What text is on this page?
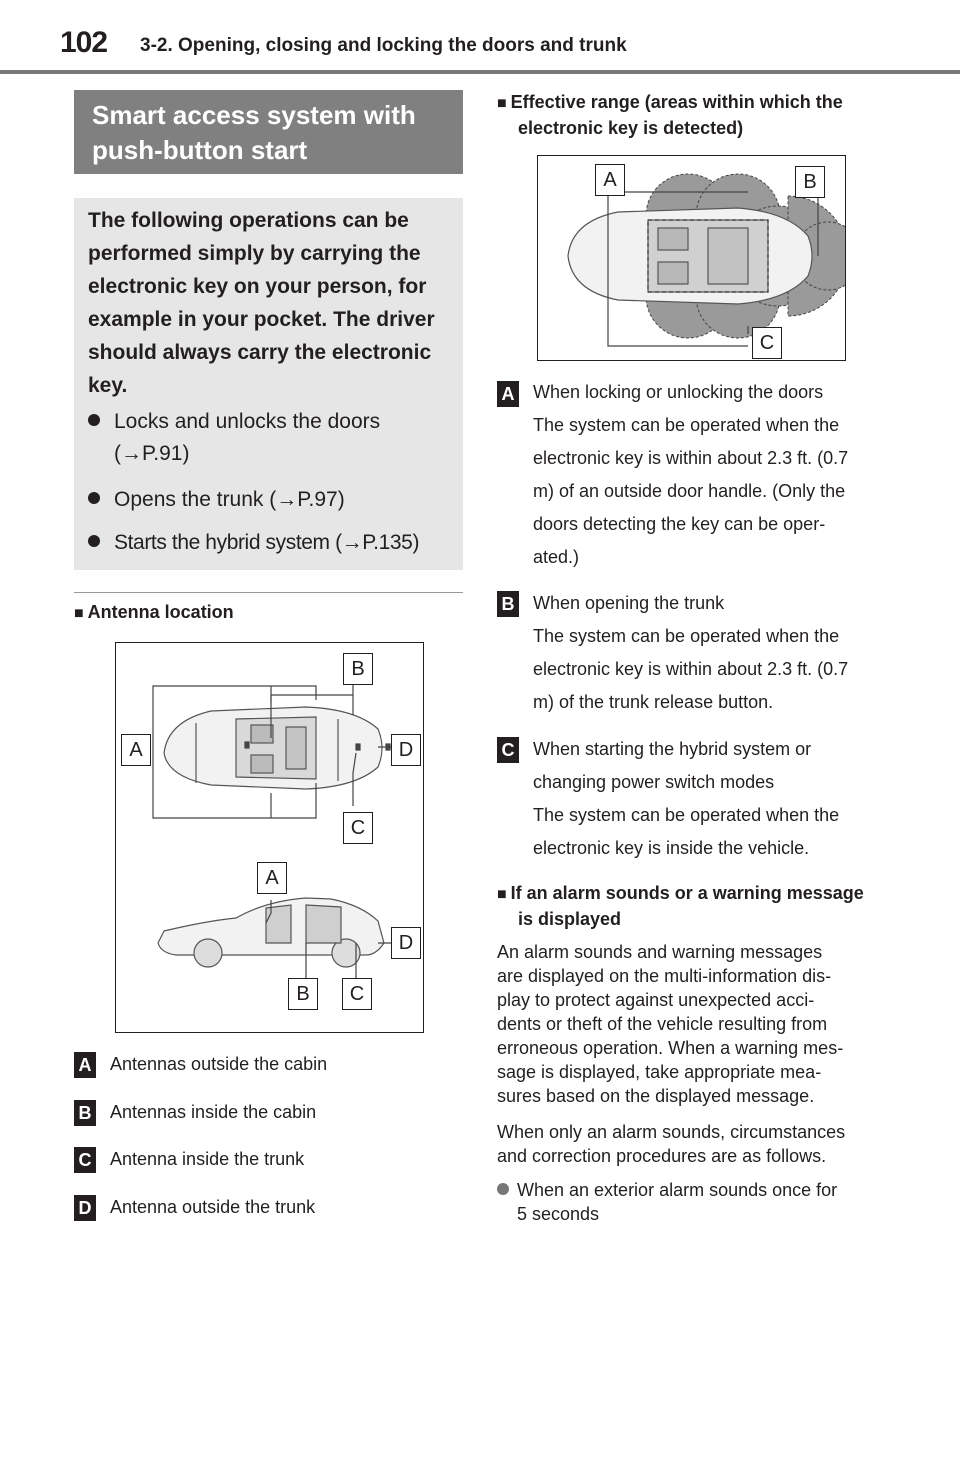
102 3-2. Opening, closing and locking the doors and trunk
Smart access system with
push-button start
The following operations can be performed simply by carrying the electronic key on your person, for example in your pocket. The driver should always carry the electronic key.
Locks and unlocks the doors
(→P.91)
Opens the trunk (→P.97)
Starts the hybrid system (→P.135)
■ Antenna location
B
A	D
C
A
D
B	C
A Antennas outside the cabin
B Antennas inside the cabin
C Antenna inside the trunk
D Antenna outside the trunk
■ Effective range (areas within which the
electronic key is detected)
A	B
C
A When locking or unlocking the doors
The system can be operated when the
electronic key is within about 2.3 ft. (0.7
m) of an outside door handle. (Only the
doors detecting the key can be oper-
ated.)
B When opening the trunk
The system can be operated when the
electronic key is within about 2.3 ft. (0.7
m) of the trunk release button.
C When starting the hybrid system or
changing power switch modes
The system can be operated when the
electronic key is inside the vehicle.
■ If an alarm sounds or a warning message
is displayed
An alarm sounds and warning messages
are displayed on the multi-information dis-
play to protect against unexpected acci-
dents or theft of the vehicle resulting from
erroneous operation. When a warning mes-
sage is displayed, take appropriate mea-
sures based on the displayed message.
When only an alarm sounds, circumstances
and correction procedures are as follows.
When an exterior alarm sounds once for
5 seconds
